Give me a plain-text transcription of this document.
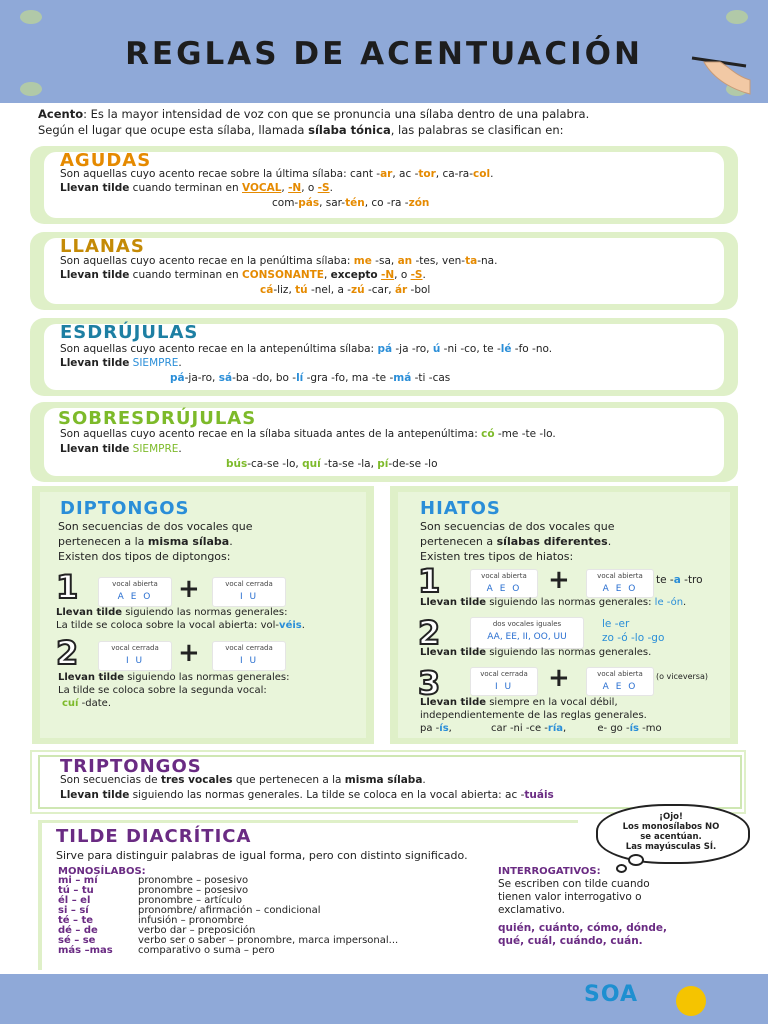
REGLAS DE ACENTUACIÓN
Acento: Es la mayor intensidad de voz con que se pronuncia una sílaba dentro de una palabra.
Según el lugar que ocupe esta sílaba, llamada sílaba tónica, las palabras se clasifican en:
AGUDAS
Son aquellas cuyo acento recae sobre la última sílaba: cant -ar, ac -tor, ca-ra-col.
Llevan tilde cuando terminan en VOCAL, -N, o -S.
com-pás, sar-tén, co -ra -zón
LLANAS
Son aquellas cuyo acento recae en la penúltima sílaba: me -sa, an -tes, ven-ta-na.
Llevan tilde cuando terminan en CONSONANTE, excepto -N, o -S.
cá-liz, tú -nel, a -zú -car, ár -bol
ESDRÚJULAS
Son aquellas cuyo acento recae en la antepenúltima sílaba: pá -ja -ro, ú -ni -co, te -lé -fo -no.
Llevan tilde SIEMPRE.
pá-ja-ro, sá-ba -do, bo -lí -gra -fo, ma -te -má -ti -cas
SOBRESDRÚJULAS
Son aquellas cuyo acento recae en la sílaba situada antes de la antepenúltima: có -me -te -lo.
Llevan tilde SIEMPRE.
bús-ca-se -lo, quí -ta-se -la, pí-de-se -lo
DIPTONGOS
Son secuencias de dos vocales que
pertenecen a la misma sílaba.
Existen dos tipos de diptongos:
1	vocal abierta
A E O +	vocal cerrada
I U
Llevan tilde siguiendo las normas generales:
La tilde se coloca sobre la vocal abierta: vol-véis.
2	vocal cerrada
I U	+	vocal cerrada
I U
Llevan tilde siguiendo las normas generales:
La tilde se coloca sobre la segunda vocal:
cuí -date.
HIATOS
Son secuencias de dos vocales que
pertenecen a sílabas diferentes.
Existen tres tipos de hiatos:
1	vocal abierta
A E O	+	vocal abierta
A E O
te -a -tro
Llevan tilde siguiendo las normas generales: le -ón.
2	dos vocales iguales
AA, EE, II, OO, UU
le -er
zo -ó -lo -go
Llevan tilde siguiendo las normas generales.
3	vocal cerrada
I U	+	vocal abierta
A E O
(o viceversa)
Llevan tilde siempre en la vocal débil,
independientemente de las reglas generales.
pa -ís,	car -ni -ce -ría,	e- go -ís -mo
TRIPTONGOS
Son secuencias de tres vocales que pertenecen a la misma sílaba.
Llevan tilde siguiendo las normas generales. La tilde se coloca en la vocal abierta: ac -tuáis
¡Ojo!
Los monosílabos NO
se acentúan.
Las mayúsculas SÍ.
TILDE DIACRÍTICA
Sirve para distinguir palabras de igual forma, pero con distinto significado.
MONOSÍLABOS:
mi – mí	pronombre – posesivo
tú – tu	pronombre – posesivo
él – el	pronombre – artículo
si – sí	pronombre/ afirmación – condicional
té – te	infusión – pronombre
dé – de	verbo dar – preposición
sé – se	verbo ser o saber – pronombre, marca impersonal...
más –mas	comparativo o suma – pero
INTERROGATIVOS:
Se escriben con tilde cuando
tienen valor interrogativo o
exclamativo.
quién, cuánto, cómo, dónde,
qué, cuál, cuándo, cuán.
SOA
